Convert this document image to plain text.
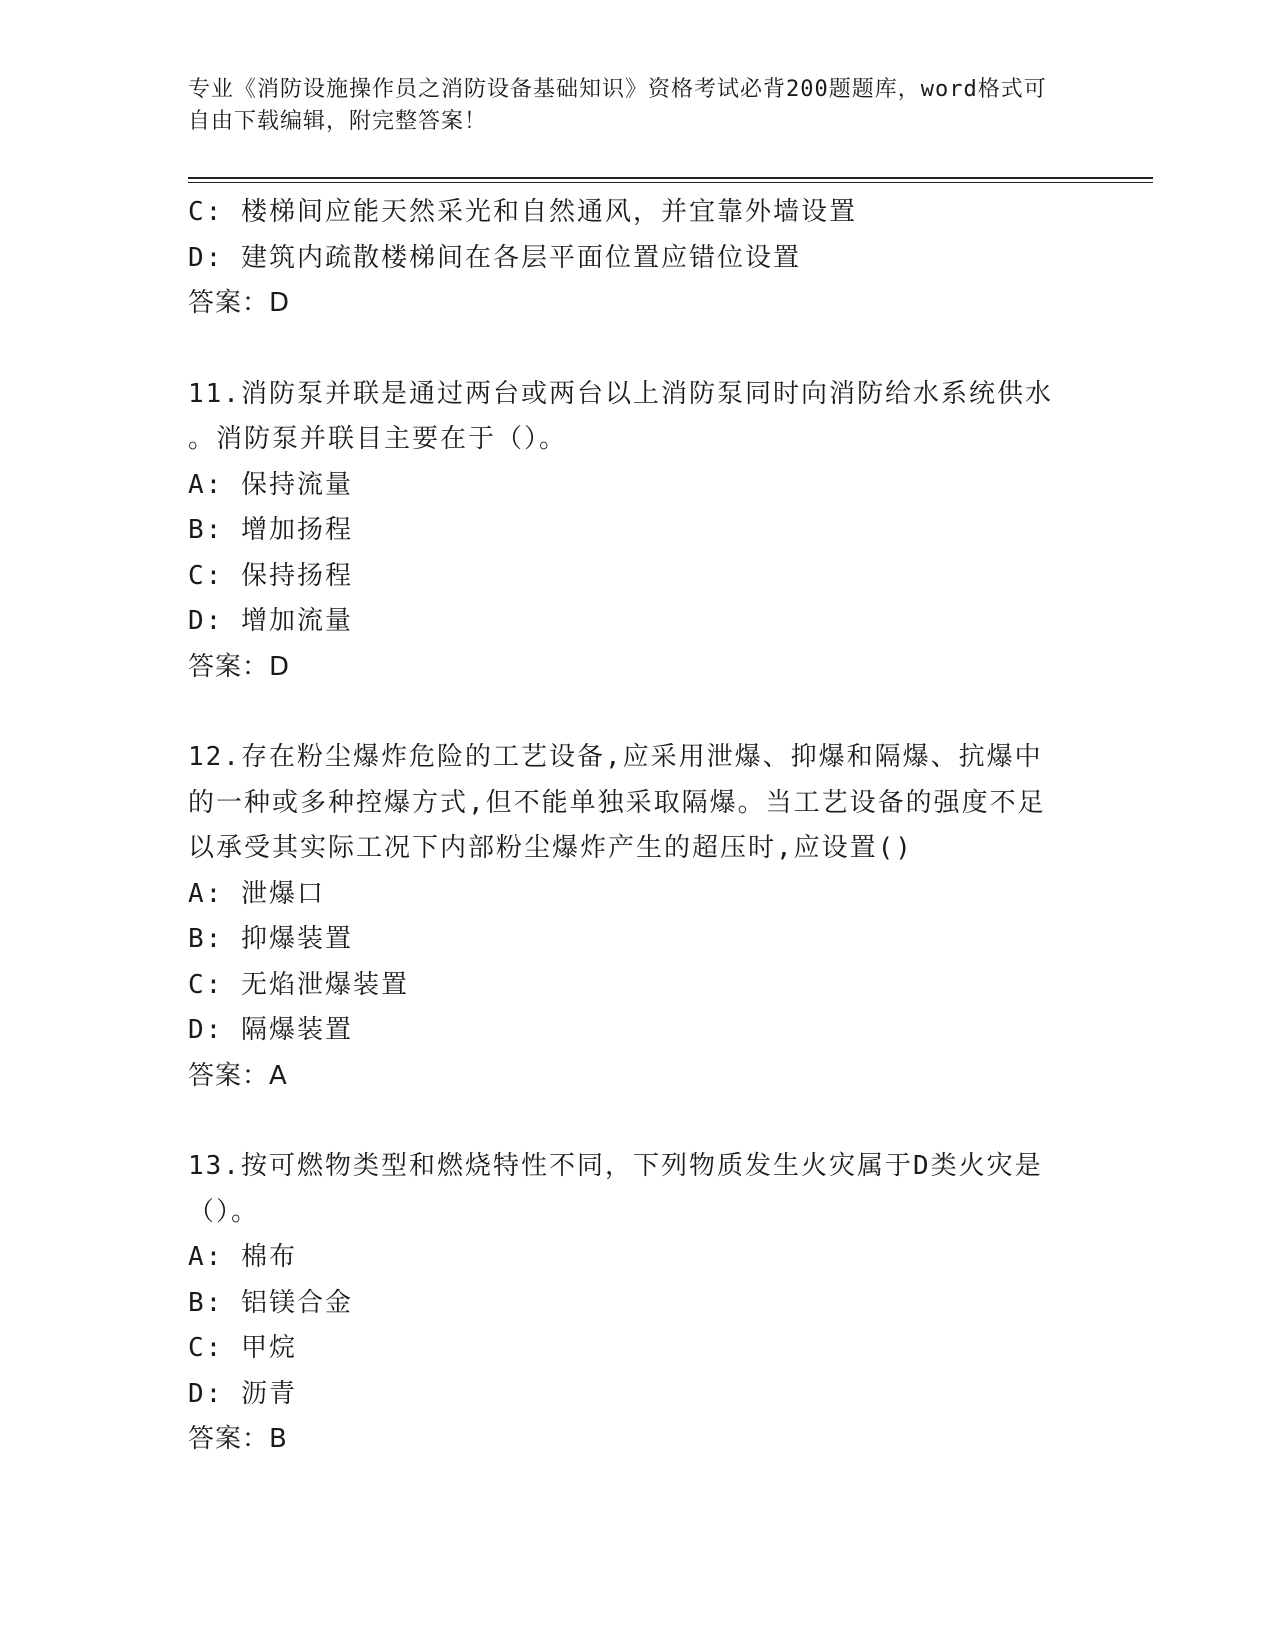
专业《消防设施操作员之消防设备基础知识》资格考试必背200题题库，word格式可自由下载编辑，附完整答案！
C: 楼梯间应能天然采光和自然通风，并宜靠外墙设置
D: 建筑内疏散楼梯间在各层平面位置应错位设置
答案：D
11.消防泵并联是通过两台或两台以上消防泵同时向消防给水系统供水
。消防泵并联目主要在于（）。
A: 保持流量
B: 增加扬程
C: 保持扬程
D: 增加流量
答案：D
12.存在粉尘爆炸危险的工艺设备,应采用泄爆、抑爆和隔爆、抗爆中
的一种或多种控爆方式,但不能单独采取隔爆。当工艺设备的强度不足
以承受其实际工况下内部粉尘爆炸产生的超压时,应设置()
A: 泄爆口
B: 抑爆装置
C: 无焰泄爆装置
D: 隔爆装置
答案：A
13.按可燃物类型和燃烧特性不同，下列物质发生火灾属于D类火灾是
（）。
A: 棉布
B: 铝镁合金
C: 甲烷
D: 沥青
答案：B
